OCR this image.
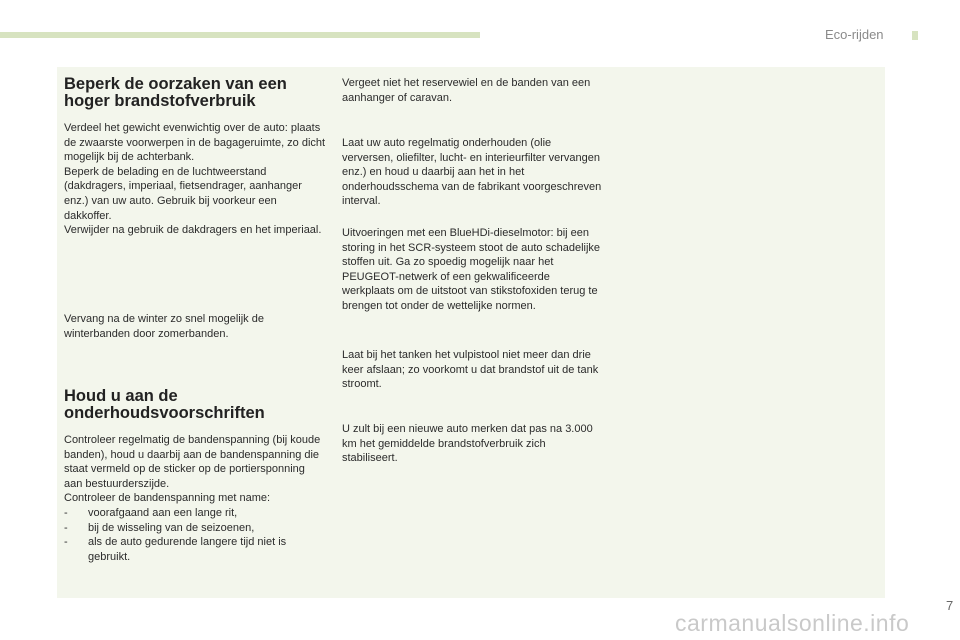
Eco-rijden
Beperk de oorzaken van een hoger brandstofverbruik

Verdeel het gewicht evenwichtig over de auto: plaats de zwaarste voorwerpen in de bagageruimte, zo dicht mogelijk bij de achterbank.

Beperk de belading en de luchtweerstand (dakdragers, imperiaal, fietsendrager, aanhanger enz.) van uw auto. Gebruik bij voorkeur een dakkoffer.

Verwijder na gebruik de dakdragers en het imperiaal.

Vervang na de winter zo snel mogelijk de winterbanden door zomerbanden.

Houd u aan de onderhoudsvoorschriften

Controleer regelmatig de bandenspanning (bij koude banden), houd u daarbij aan de bandenspanning die staat vermeld op de sticker op de portiersponning aan bestuurderszijde.

Controleer de bandenspanning met name:

- voorafgaand aan een lange rit,
- bij de wisseling van de seizoenen,
- als de auto gedurende langere tijd niet is gebruikt.

Vergeet niet het reservewiel en de banden van een aanhanger of caravan.

Laat uw auto regelmatig onderhouden (olie verversen, oliefilter, lucht- en interieurfilter vervangen enz.) en houd u daarbij aan het in het onderhoudsschema van de fabrikant voorgeschreven interval.

Uitvoeringen met een BlueHDi-dieselmotor: bij een storing in het SCR-systeem stoot de auto schadelijke stoffen uit. Ga zo spoedig mogelijk naar het PEUGEOT-netwerk of een gekwalificeerde werkplaats om de uitstoot van stikstofoxiden terug te brengen tot onder de wettelijke normen.

Laat bij het tanken het vulpistool niet meer dan drie keer afslaan; zo voorkomt u dat brandstof uit de tank stroomt.

U zult bij een nieuwe auto merken dat pas na 3.000 km het gemiddelde brandstofverbruik zich stabiliseert.

7
carmanualsonline.info
